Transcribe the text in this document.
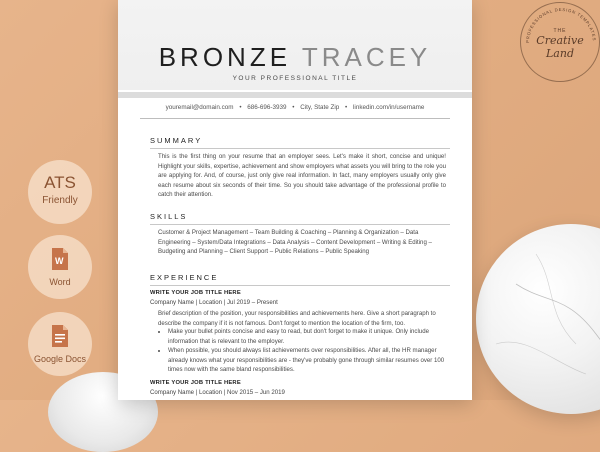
PROFESSIONAL DESIGN TEMPLATES
THE
Creative Land
ATS
Friendly
W
Word
Google Docs
BRONZE TRACEY
YOUR PROFESSIONAL TITLE
youremail@domain.com • 686-696-3939 • City, State Zip • linkedin.com/in/username
SUMMARY
This is the first thing on your resume that an employer sees. Let's make it short, concise and unique! Highlight your skills, expertise, achievement and show employers what assets you will bring to the role you are applying for. And, of course, just only give real information. In fact, many employers usually only give each resume about six seconds of their time. So you should take advantage of the professional profile to catch their attention.
SKILLS
Customer & Project Management – Team Building & Coaching – Planning & Organization – Data Engineering – System/Data Integrations – Data Analysis – Content Development – Writing & Editing – Budgeting and Planning – Client Support – Public Relations – Public Speaking
EXPERIENCE
WRITE YOUR JOB TITLE HERE
Company Name | Location | Jul 2019 – Present
Brief description of the position, your responsibilities and achievements here. Give a short paragraph to describe the company if it is not famous. Don't forget to mention the location of the firm, too.
• Make your bullet points concise and easy to read, but don't forget to make it unique. Only include information that is relevant to the employer.
• When possible, you should always list achievements over responsibilities. After all, the HR manager already knows what your responsibilities are - they've probably gone through similar resumes over 100 times now with the same bland responsibilities.
WRITE YOUR JOB TITLE HERE
Company Name | Location | Nov 2015 – Jun 2019
